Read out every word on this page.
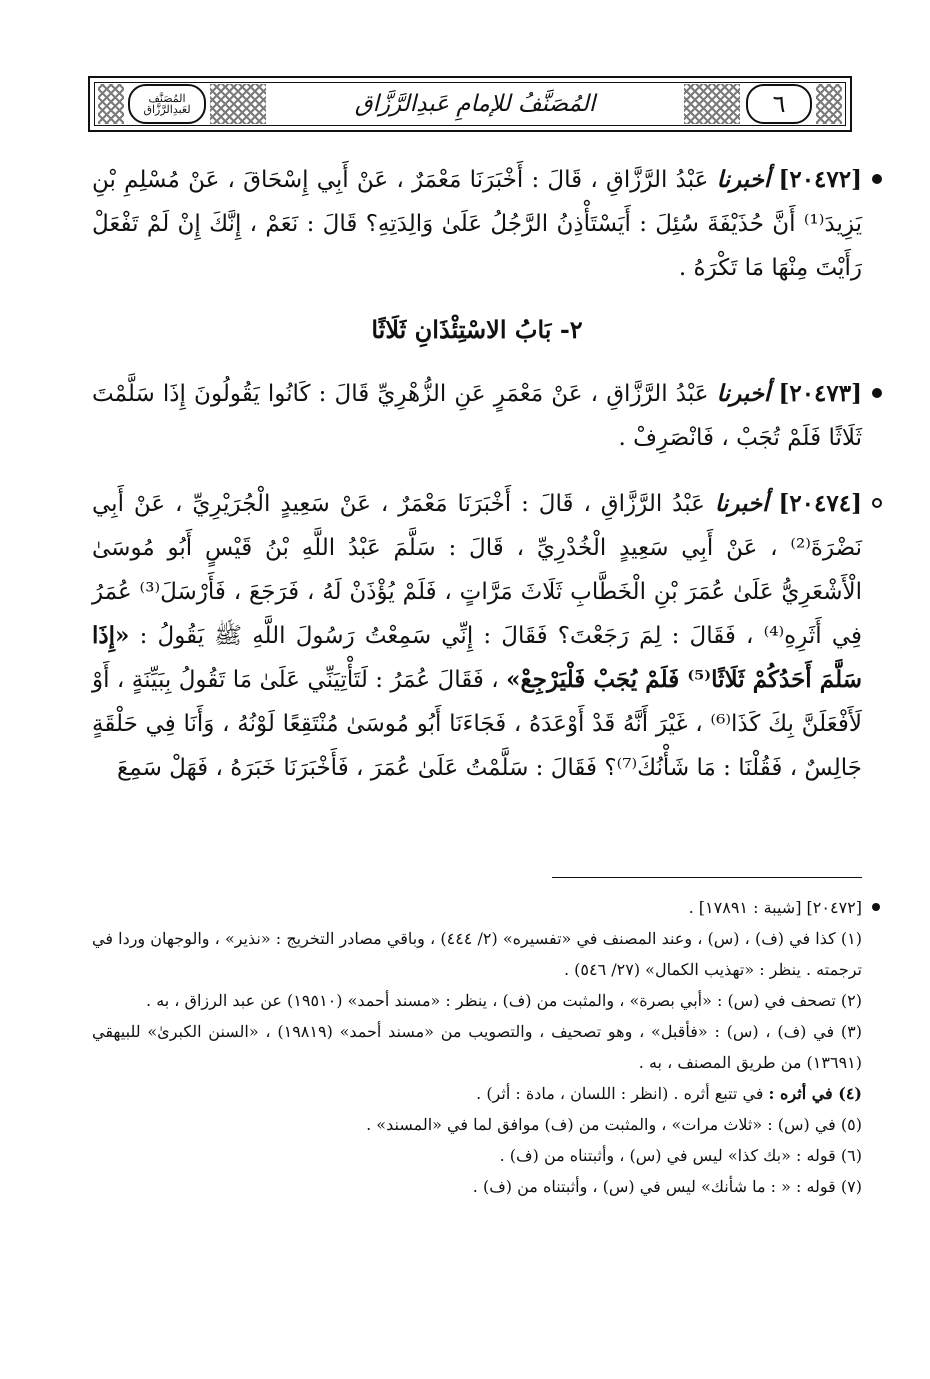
٦
المُصَنَّفُ للإمامِ عَبدِالرَّزَّاق
المُصَنَّف
لعَبدِالرَّزَّاق

[٢٠٤٧٢] أخبرنا عَبْدُ الرَّزَّاقِ ، قَالَ : أَخْبَرَنَا مَعْمَرٌ ، عَنْ أَبِي إِسْحَاقَ ، عَنْ مُسْلِمِ بْنِ يَزِيدَ⁽¹⁾ أَنَّ حُذَيْفَةَ سُئِلَ : أَيَسْتَأْذِنُ الرَّجُلُ عَلَىٰ وَالِدَتِهِ؟ قَالَ : نَعَمْ ، إِنَّكَ إِنْ لَمْ تَفْعَلْ رَأَيْتَ مِنْهَا مَا تَكْرَهُ .

٢- بَابُ الاسْتِئْذَانِ ثَلَاثًا

[٢٠٤٧٣] أخبرنا عَبْدُ الرَّزَّاقِ ، عَنْ مَعْمَرٍ عَنِ الزُّهْرِيِّ قَالَ : كَانُوا يَقُولُونَ إِذَا سَلَّمْتَ ثَلَاثًا فَلَمْ تُجَبْ ، فَانْصَرِفْ .

[٢٠٤٧٤] أخبرنا عَبْدُ الرَّزَّاقِ ، قَالَ : أَخْبَرَنَا مَعْمَرٌ ، عَنْ سَعِيدٍ الْجُرَيْرِيِّ ، عَنْ أَبِي نَضْرَةَ⁽²⁾ ، عَنْ أَبِي سَعِيدٍ الْخُدْرِيِّ ، قَالَ : سَلَّمَ عَبْدُ اللَّهِ بْنُ قَيْسٍ أَبُو مُوسَىٰ الْأَشْعَرِيُّ عَلَىٰ عُمَرَ بْنِ الْخَطَّابِ ثَلَاثَ مَرَّاتٍ ، فَلَمْ يُؤْذَنْ لَهُ ، فَرَجَعَ ، فَأَرْسَلَ⁽³⁾ عُمَرُ فِي أَثَرِهِ⁽⁴⁾ ، فَقَالَ : لِمَ رَجَعْتَ؟ فَقَالَ : إِنِّي سَمِعْتُ رَسُولَ اللَّهِ ﷺ يَقُولُ : «إِذَا سَلَّمَ أَحَدُكُمْ ثَلَاثًا⁽⁵⁾ فَلَمْ يُجَبْ فَلْيَرْجِعْ» ، فَقَالَ عُمَرُ : لَتَأْتِيَنِّي عَلَىٰ مَا تَقُولُ بِبَيِّنَةٍ ، أَوْ لَأَفْعَلَنَّ بِكَ كَذَا⁽⁶⁾ ، غَيْرَ أَنَّهُ قَدْ أَوْعَدَهُ ، فَجَاءَنَا أَبُو مُوسَىٰ مُنْتَقِعًا لَوْنُهُ ، وَأَنَا فِي حَلْقَةٍ جَالِسٌ ، فَقُلْنَا : مَا شَأْنُكَ⁽⁷⁾؟ فَقَالَ : سَلَّمْتُ عَلَىٰ عُمَرَ ، فَأَخْبَرَنَا خَبَرَهُ ، فَهَلْ سَمِعَ

[٢٠٤٧٢] [شيبة : ١٧٨٩١] .

(١) كذا في (ف) ، (س) ، وعند المصنف في «تفسيره» (٢/ ٤٤٤) ، وباقي مصادر التخريج : «نذير» ، والوجهان وردا في ترجمته . ينظر : «تهذيب الكمال» (٢٧/ ٥٤٦) .

(٢) تصحف في (س) : «أبي بصرة» ، والمثبت من (ف) ، ينظر : «مسند أحمد» (١٩٥١٠) عن عبد الرزاق ، به .

(٣) في (ف) ، (س) : «فأقبل» ، وهو تصحيف ، والتصويب من «مسند أحمد» (١٩٨١٩) ، «السنن الكبرىٰ» للبيهقي (١٣٦٩١) من طريق المصنف ، به .

(٤) في أثره : في تتبع أثره . (انظر : اللسان ، مادة : أثر) .

(٥) في (س) : «ثلاث مرات» ، والمثبت من (ف) موافق لما في «المسند» .

(٦) قوله : «بك كذا» ليس في (س) ، وأثبتناه من (ف) .

(٧) قوله : « : ما شأنك» ليس في (س) ، وأثبتناه من (ف) .
